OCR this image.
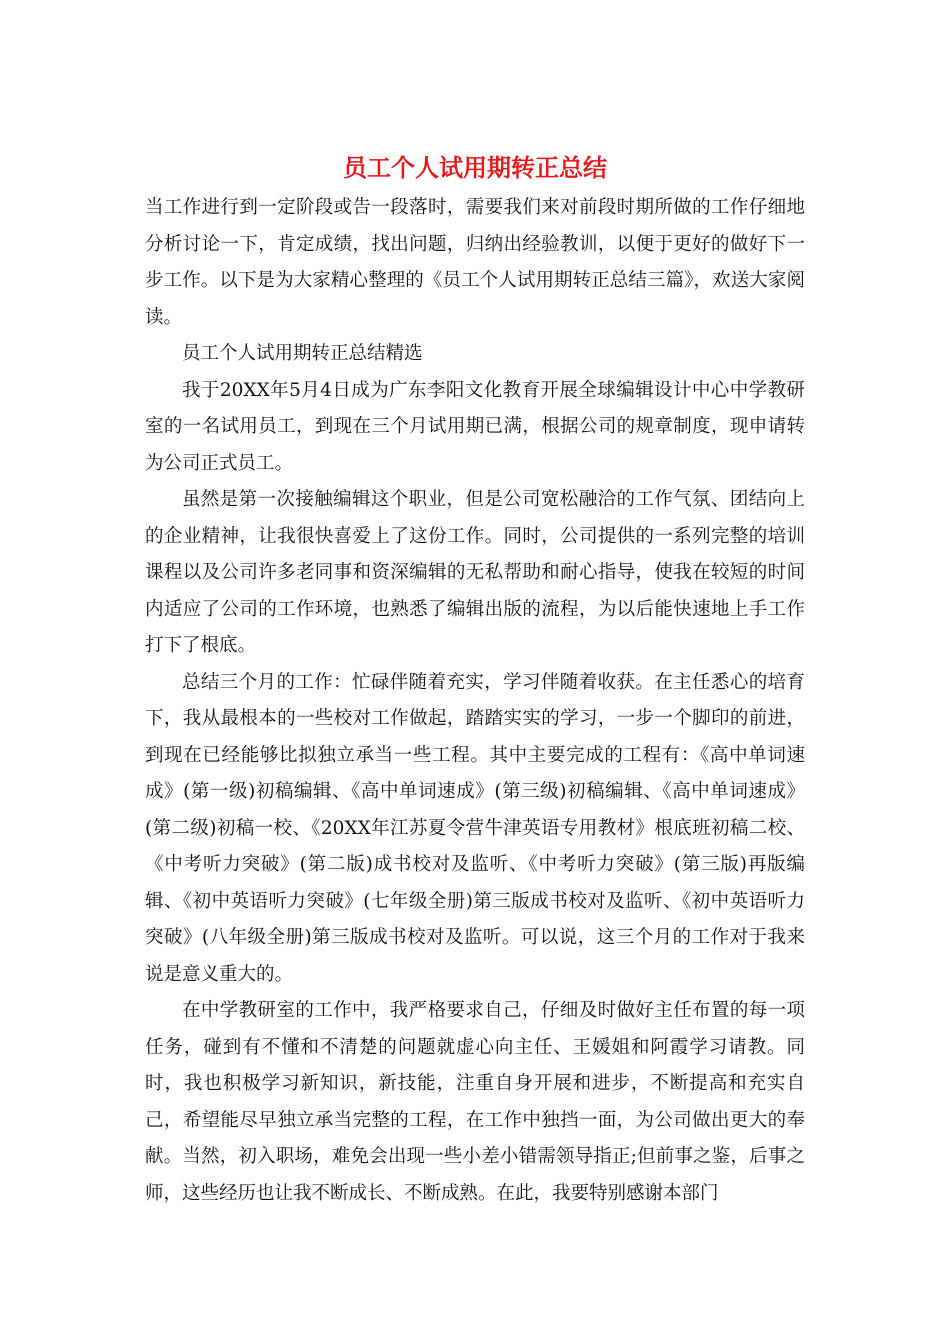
员工个人试用期转正总结

当工作进行到一定阶段或告一段落时，需要我们来对前段时期所做的工作仔细地分析讨论一下，肯定成绩，找出问题，归纳出经验教训，以便于更好的做好下一步工作。以下是为大家精心整理的《员工个人试用期转正总结三篇》，欢送大家阅读。

员工个人试用期转正总结精选

我于20XX年5月4日成为广东李阳文化教育开展全球编辑设计中心中学教研室的一名试用员工，到现在三个月试用期已满，根据公司的规章制度，现申请转为公司正式员工。

虽然是第一次接触编辑这个职业，但是公司宽松融洽的工作气氛、团结向上的企业精神，让我很快喜爱上了这份工作。同时，公司提供的一系列完整的培训课程以及公司许多老同事和资深编辑的无私帮助和耐心指导，使我在较短的时间内适应了公司的工作环境，也熟悉了编辑出版的流程，为以后能快速地上手工作打下了根底。

总结三个月的工作：忙碌伴随着充实，学习伴随着收获。在主任悉心的培育下，我从最根本的一些校对工作做起，踏踏实实的学习，一步一个脚印的前进，到现在已经能够比拟独立承当一些工程。其中主要完成的工程有：《高中单词速成》(第一级)初稿编辑、《高中单词速成》(第三级)初稿编辑、《高中单词速成》(第二级)初稿一校、《20XX年江苏夏令营牛津英语专用教材》根底班初稿二校、《中考听力突破》(第二版)成书校对及监听、《中考听力突破》(第三版)再版编辑、《初中英语听力突破》(七年级全册)第三版成书校对及监听、《初中英语听力突破》(八年级全册)第三版成书校对及监听。可以说，这三个月的工作对于我来说是意义重大的。

在中学教研室的工作中，我严格要求自己，仔细及时做好主任布置的每一项任务，碰到有不懂和不清楚的问题就虚心向主任、王媛姐和阿霞学习请教。同时，我也积极学习新知识，新技能，注重自身开展和进步，不断提高和充实自己，希望能尽早独立承当完整的工程，在工作中独挡一面，为公司做出更大的奉献。当然，初入职场，难免会出现一些小差小错需领导指正;但前事之鉴，后事之师，这些经历也让我不断成长、不断成熟。在此，我要特别感谢本部门
